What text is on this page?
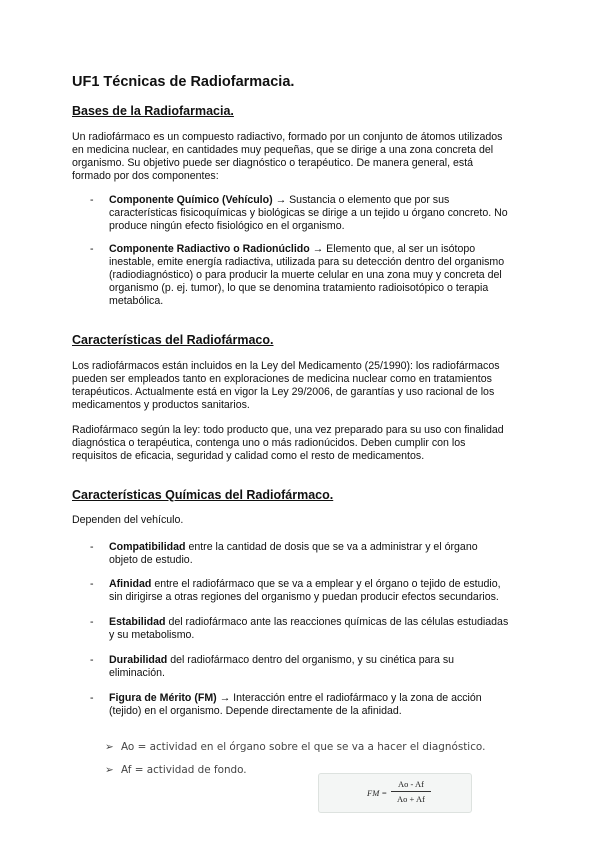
UF1 Técnicas de Radiofarmacia.
Bases de la Radiofarmacia.
Un radiofármaco es un compuesto radiactivo, formado por un conjunto de átomos utilizados
en medicina nuclear, en cantidades muy pequeñas, que se dirige a una zona concreta del
organismo. Su objetivo puede ser diagnóstico o terapéutico. De manera general, está
formado por dos componentes:
- Componente Químico (Vehículo) → Sustancia o elemento que por sus
características fisicoquímicas y biológicas se dirige a un tejido u órgano concreto. No
produce ningún efecto fisiológico en el organismo.
- Componente Radiactivo o Radionúclido → Elemento que, al ser un isótopo
inestable, emite energía radiactiva, utilizada para su detección dentro del organismo
(radiodiagnóstico) o para producir la muerte celular en una zona muy y concreta del
organismo (p. ej. tumor), lo que se denomina tratamiento radioisotópico o terapia
metabólica.
Características del Radiofármaco.
Los radiofármacos están incluidos en la Ley del Medicamento (25/1990): los radiofármacos
pueden ser empleados tanto en exploraciones de medicina nuclear como en tratamientos
terapéuticos. Actualmente está en vigor la Ley 29/2006, de garantías y uso racional de los
medicamentos y productos sanitarios.
Radiofármaco según la ley: todo producto que, una vez preparado para su uso con finalidad
diagnóstica o terapéutica, contenga uno o más radionúcidos. Deben cumplir con los
requisitos de eficacia, seguridad y calidad como el resto de medicamentos.
Características Químicas del Radiofármaco.
Dependen del vehículo.
- Compatibilidad entre la cantidad de dosis que se va a administrar y el órgano
objeto de estudio.
- Afinidad entre el radiofármaco que se va a emplear y el órgano o tejido de estudio,
sin dirigirse a otras regiones del organismo y puedan producir efectos secundarios.
- Estabilidad del radiofármaco ante las reacciones químicas de las células estudiadas
y su metabolismo.
- Durabilidad del radiofármaco dentro del organismo, y su cinética para su
eliminación.
- Figura de Mérito (FM) → Interacción entre el radiofármaco y la zona de acción
(tejido) en el organismo. Depende directamente de la afinidad.
➢ Ao = actividad en el órgano sobre el que se va a hacer el diagnóstico.
➢ Af = actividad de fondo.
FM =
Ao - Af
Ao + Af
